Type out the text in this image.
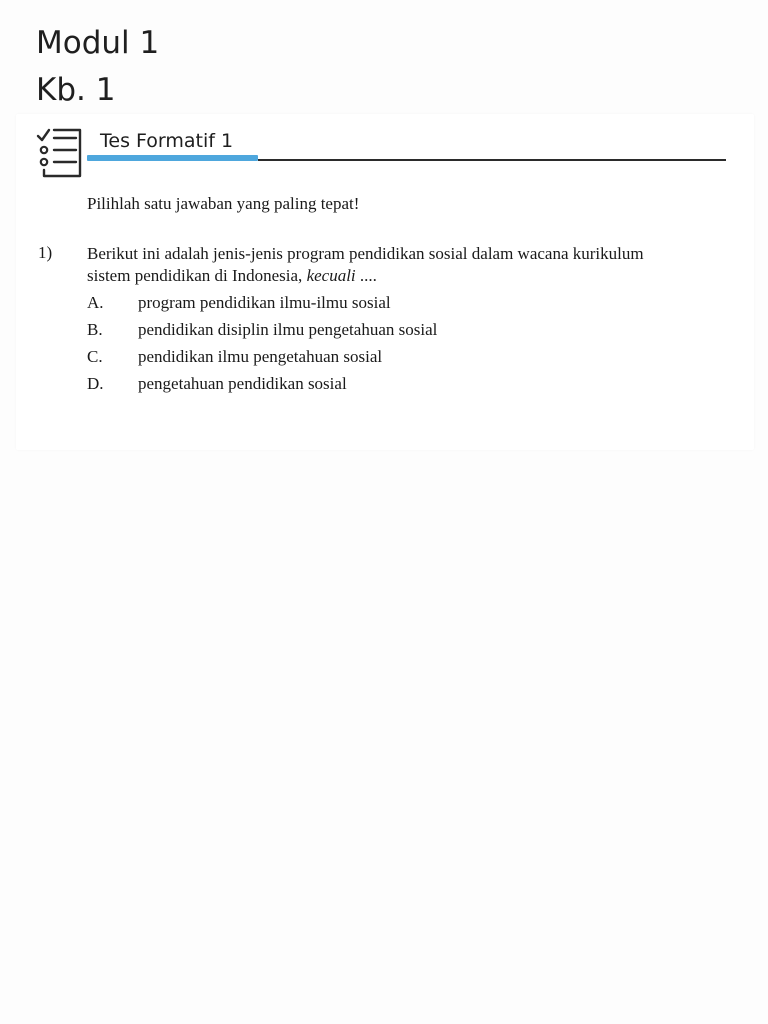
Modul 1
Kb. 1
Tes Formatif 1
Pilihlah satu jawaban yang paling tepat!
1) Berikut ini adalah jenis-jenis program pendidikan sosial dalam wacana kurikulum
sistem pendidikan di Indonesia, kecuali ....
A. program pendidikan ilmu-ilmu sosial
B. pendidikan disiplin ilmu pengetahuan sosial
C. pendidikan ilmu pengetahuan sosial
D. pengetahuan pendidikan sosial
